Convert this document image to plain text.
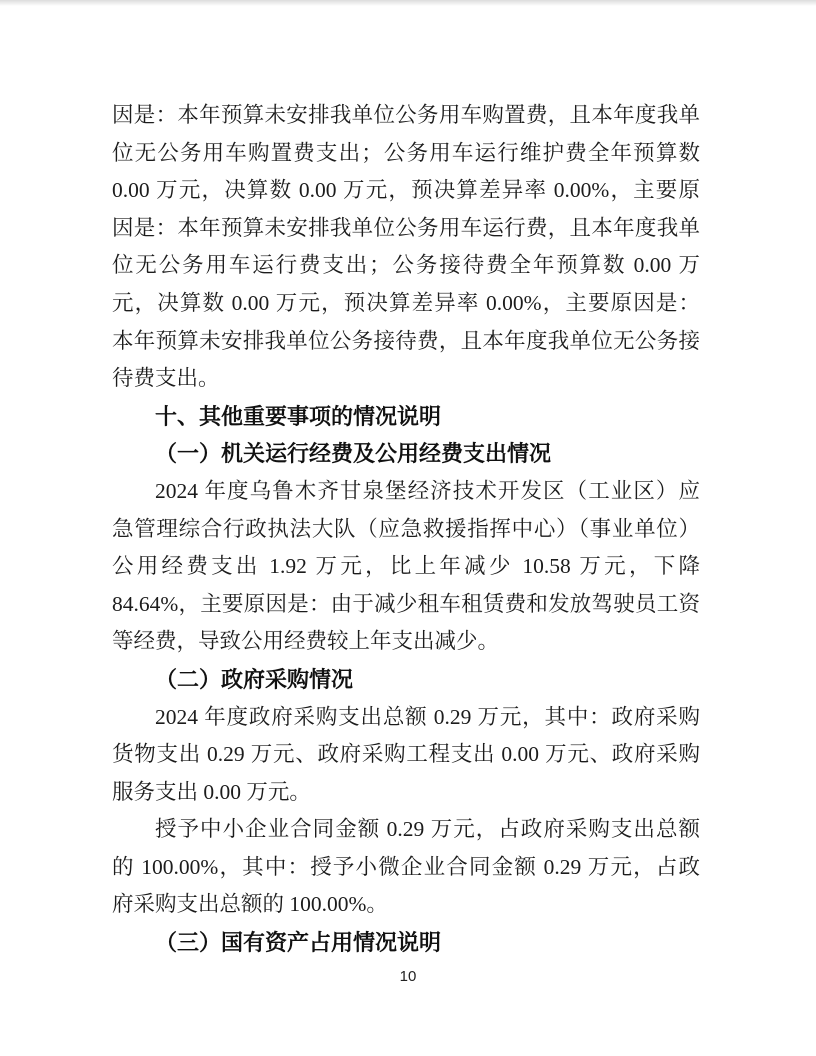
因是：本年预算未安排我单位公务用车购置费，且本年度我单
位无公务用车购置费支出；公务用车运行维护费全年预算数
0.00 万元，决算数 0.00 万元，预决算差异率 0.00%，主要原
因是：本年预算未安排我单位公务用车运行费，且本年度我单
位无公务用车运行费支出；公务接待费全年预算数 0.00 万
元，决算数 0.00 万元，预决算差异率 0.00%，主要原因是：
本年预算未安排我单位公务接待费，且本年度我单位无公务接
待费支出。
十、其他重要事项的情况说明
（一）机关运行经费及公用经费支出情况
2024 年度乌鲁木齐甘泉堡经济技术开发区（工业区）应
急管理综合行政执法大队（应急救援指挥中心）（事业单位）
公用经费支出 1.92 万元，比上年减少 10.58 万元，下降
84.64%，主要原因是：由于减少租车租赁费和发放驾驶员工资
等经费，导致公用经费较上年支出减少。
（二）政府采购情况
2024 年度政府采购支出总额 0.29 万元，其中：政府采购
货物支出 0.29 万元、政府采购工程支出 0.00 万元、政府采购
服务支出 0.00 万元。
授予中小企业合同金额 0.29 万元，占政府采购支出总额
的 100.00%，其中：授予小微企业合同金额 0.29 万元，占政
府采购支出总额的 100.00%。
（三）国有资产占用情况说明
10
